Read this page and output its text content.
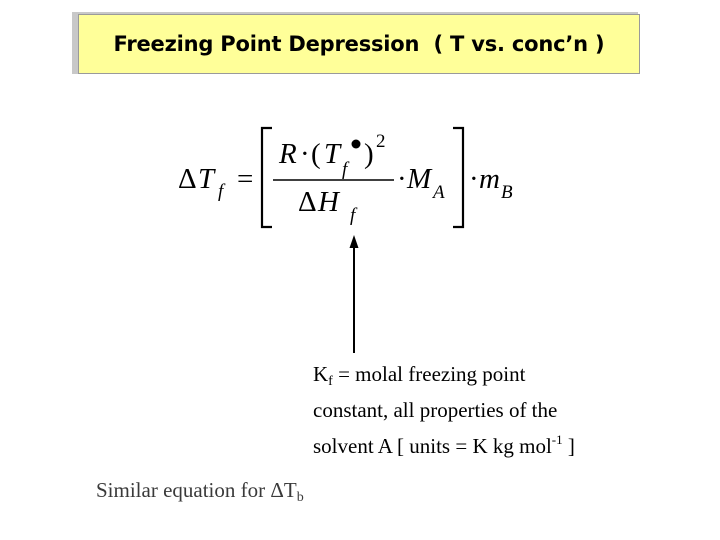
Freezing Point Depression  ( T vs. conc’n )
Δ T f =
R · ( T f ) 2
Δ H f
· M A · m B
$K_f$ = molal freezing point
constant, all properties of the
solvent A [ units = K kg mol$^{-1}$ ]
Similar equation for $\Delta T_b$
